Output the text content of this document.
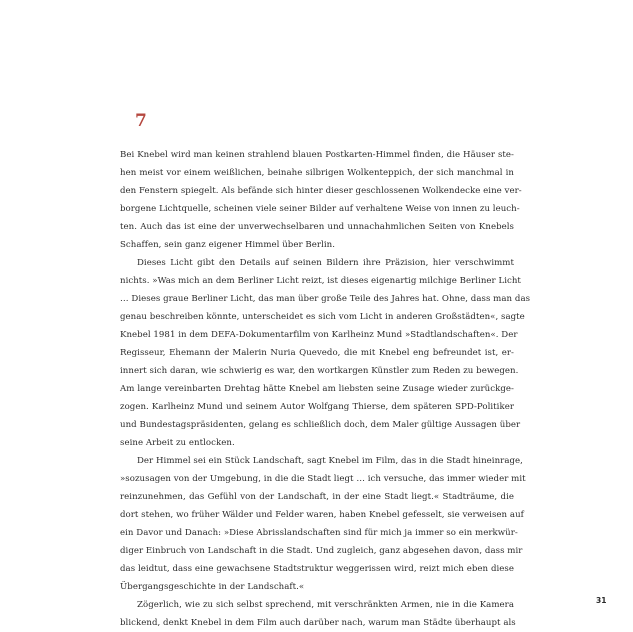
7
Bei Knebel wird man keinen strahlend blauen Postkarten-Himmel finden, die Häuser ste-
hen meist vor einem weißlichen, beinahe silbrigen Wolkenteppich, der sich manchmal in
den Fenstern spiegelt. Als befände sich hinter dieser geschlossenen Wolkendecke eine ver-
borgene Lichtquelle, scheinen viele seiner Bilder auf verhaltene Weise von innen zu leuch-
ten. Auch das ist eine der unverwechselbaren und unnachahmlichen Seiten von Knebels
Schaffen, sein ganz eigener Himmel über Berlin.
Dieses Licht gibt den Details auf seinen Bildern ihre Präzision, hier verschwimmt
nichts. »Was mich an dem Berliner Licht reizt, ist dieses eigenartig milchige Berliner Licht
… Dieses graue Berliner Licht, das man über große Teile des Jahres hat. Ohne, dass man das
genau beschreiben könnte, unterscheidet es sich vom Licht in anderen Großstädten«, sagte
Knebel 1981 in dem DEFA-Dokumentarfilm von Karlheinz Mund »Stadtlandschaften«. Der
Regisseur, Ehemann der Malerin Nuria Quevedo, die mit Knebel eng befreundet ist, er-
innert sich daran, wie schwierig es war, den wortkargen Künstler zum Reden zu bewegen.
Am lange vereinbarten Drehtag hätte Knebel am liebsten seine Zusage wieder zurückge-
zogen. Karlheinz Mund und seinem Autor Wolfgang Thierse, dem späteren SPD-Politiker
und Bundestagspräsidenten, gelang es schließlich doch, dem Maler gültige Aussagen über
seine Arbeit zu entlocken.
Der Himmel sei ein Stück Landschaft, sagt Knebel im Film, das in die Stadt hineinrage,
»sozusagen von der Umgebung, in die die Stadt liegt … ich versuche, das immer wieder mit
reinzunehmen, das Gefühl von der Landschaft, in der eine Stadt liegt.« Stadträume, die
dort stehen, wo früher Wälder und Felder waren, haben Knebel gefesselt, sie verweisen auf
ein Davor und Danach: »Diese Abrisslandschaften sind für mich ja immer so ein merkwür-
diger Einbruch von Landschaft in die Stadt. Und zugleich, ganz abgesehen davon, dass mir
das leidtut, dass eine gewachsene Stadtstruktur weggerissen wird, reizt mich eben diese
Übergangsgeschichte in der Landschaft.«
Zögerlich, wie zu sich selbst sprechend, mit verschränkten Armen, nie in die Kamera
blickend, denkt Knebel in dem Film auch darüber nach, warum man Städte überhaupt als

31
